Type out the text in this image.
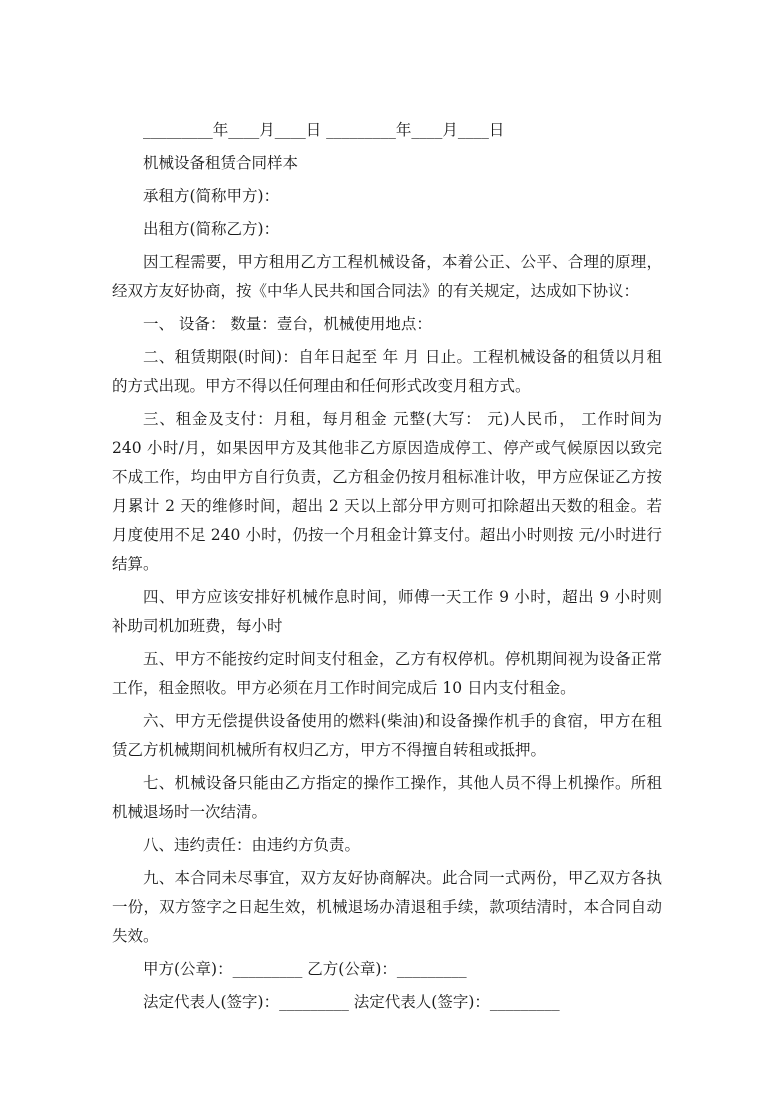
_________年____月____日 _________年____月____日

机械设备租赁合同样本

承租方(简称甲方)：

出租方(简称乙方)：

因工程需要，甲方租用乙方工程机械设备，本着公正、公平、合理的原理，经双方友好协商，按《中华人民共和国合同法》的有关规定，达成如下协议：

一、 设备： 数量：壹台，机械使用地点：

二、租赁期限(时间)：自年日起至 年 月 日止。工程机械设备的租赁以月租的方式出现。甲方不得以任何理由和任何形式改变月租方式。

三、租金及支付：月租，每月租金 元整(大写： 元)人民币， 工作时间为 240 小时/月，如果因甲方及其他非乙方原因造成停工、停产或气候原因以致完不成工作，均由甲方自行负责，乙方租金仍按月租标准计收，甲方应保证乙方按月累计 2 天的维修时间，超出 2 天以上部分甲方则可扣除超出天数的租金。若月度使用不足 240 小时，仍按一个月租金计算支付。超出小时则按 元/小时进行结算。

四、甲方应该安排好机械作息时间，师傅一天工作 9 小时，超出 9 小时则补助司机加班费，每小时

五、甲方不能按约定时间支付租金，乙方有权停机。停机期间视为设备正常工作，租金照收。甲方必须在月工作时间完成后 10 日内支付租金。

六、甲方无偿提供设备使用的燃料(柴油)和设备操作机手的食宿，甲方在租赁乙方机械期间机械所有权归乙方，甲方不得擅自转租或抵押。

七、机械设备只能由乙方指定的操作工操作，其他人员不得上机操作。所租机械退场时一次结清。

八、违约责任：由违约方负责。

九、本合同未尽事宜，双方友好协商解决。此合同一式两份，甲乙双方各执一份，双方签字之日起生效，机械退场办清退租手续，款项结清时，本合同自动失效。

甲方(公章)：_________ 乙方(公章)：_________

法定代表人(签字)：_________ 法定代表人(签字)：_________
